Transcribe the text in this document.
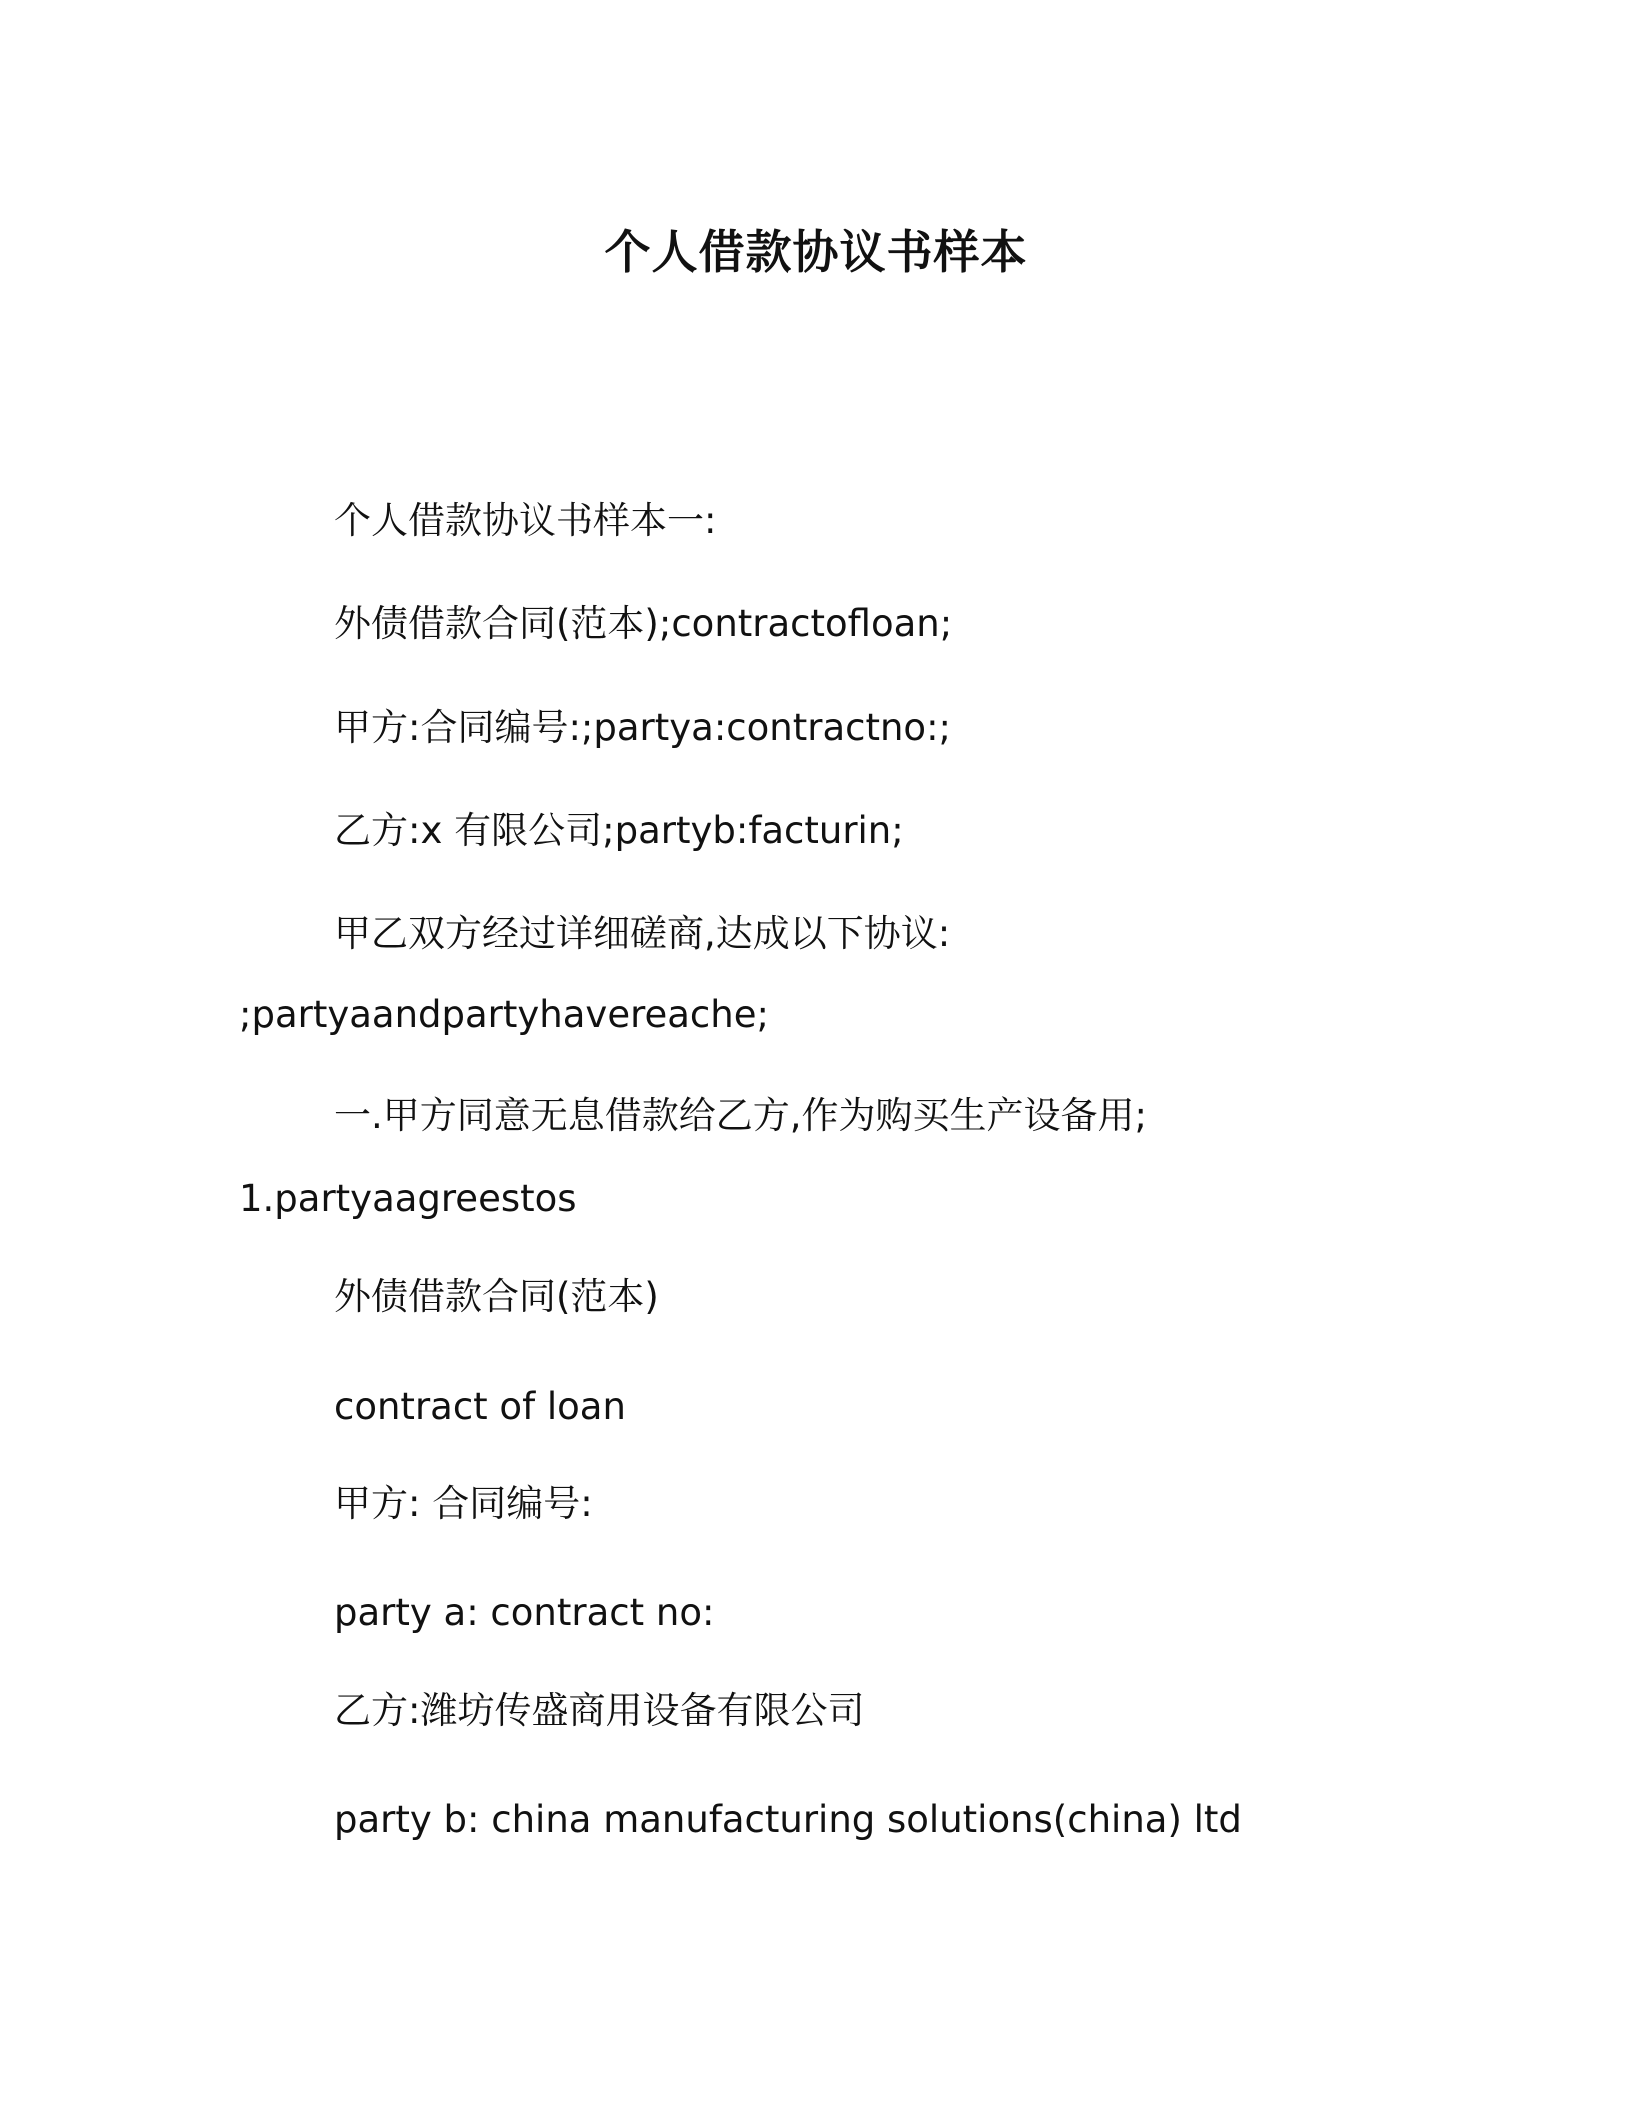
个人借款协议书样本
个人借款协议书样本一:
外债借款合同(范本);contractofloan;
甲方:合同编号:;partya:contractno:;
乙方:x 有限公司;partyb:facturin;
甲乙双方经过详细磋商,达成以下协议:
;partyaandpartyhavereache;
一.甲方同意无息借款给乙方,作为购买生产设备用;
1.partyaagreestos
外债借款合同(范本)
contract of loan
甲方: 合同编号:
party a: contract no:
乙方:潍坊传盛商用设备有限公司
party b: china manufacturing solutions(china) ltd
